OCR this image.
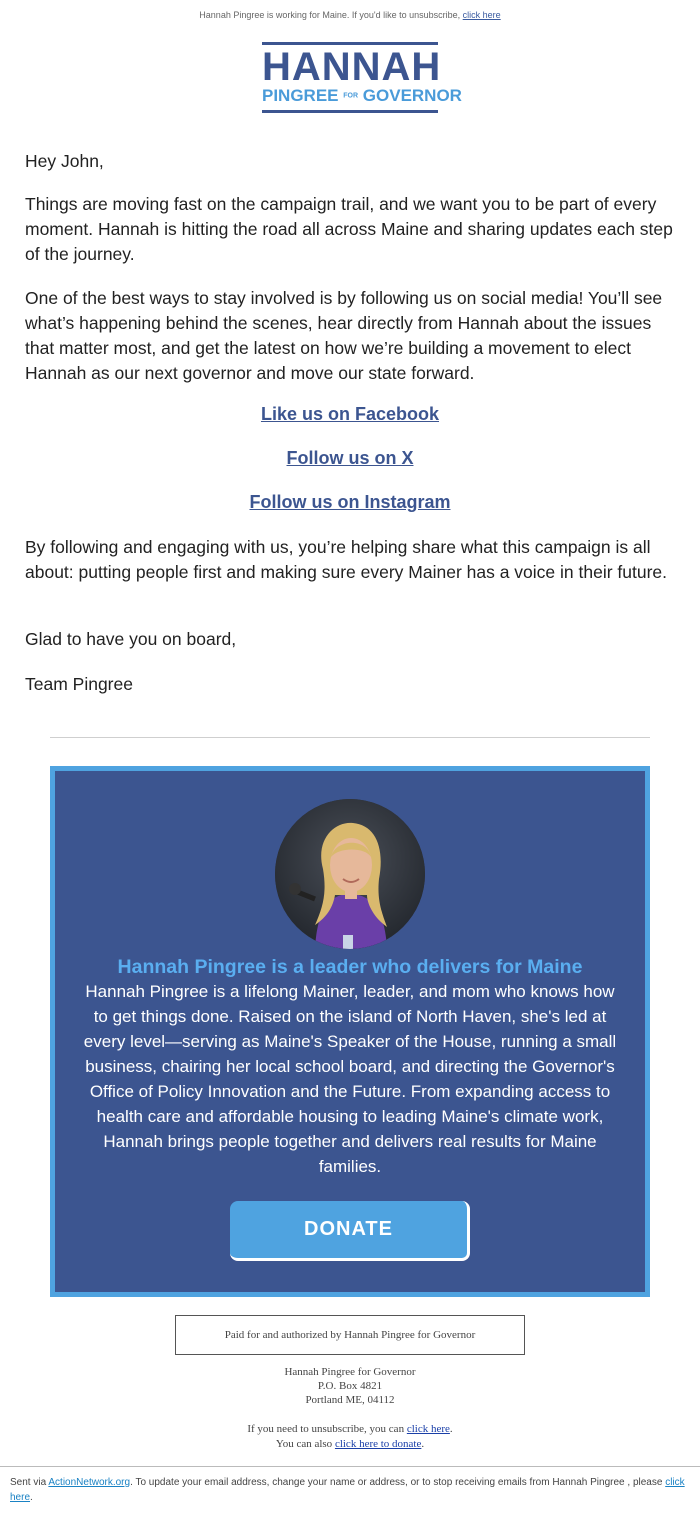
Hannah Pingree is working for Maine. If you'd like to unsubscribe, click here
HANNAH
PINGREE FOR GOVERNOR
Hey John,
Things are moving fast on the campaign trail, and we want you to be part of every moment. Hannah is hitting the road all across Maine and sharing updates each step of the journey.
One of the best ways to stay involved is by following us on social media! You’ll see what’s happening behind the scenes, hear directly from Hannah about the issues that matter most, and get the latest on how we’re building a movement to elect Hannah as our next governor and move our state forward.
Like us on Facebook
Follow us on X
Follow us on Instagram
By following and engaging with us, you’re helping share what this campaign is all about: putting people first and making sure every Mainer has a voice in their future.
Glad to have you on board,
Team Pingree
Hannah Pingree is a leader who delivers for Maine
Hannah Pingree is a lifelong Mainer, leader, and mom who knows how to get things done. Raised on the island of North Haven, she's led at every level—serving as Maine's Speaker of the House, running a small business, chairing her local school board, and directing the Governor's Office of Policy Innovation and the Future. From expanding access to health care and affordable housing to leading Maine's climate work, Hannah brings people together and delivers real results for Maine families.
DONATE
Paid for and authorized by Hannah Pingree for Governor
Hannah Pingree for Governor
P.O. Box 4821
Portland ME, 04112
If you need to unsubscribe, you can click here.
You can also click here to donate.
Sent via ActionNetwork.org. To update your email address, change your name or address, or to stop receiving emails from Hannah Pingree , please click here.
